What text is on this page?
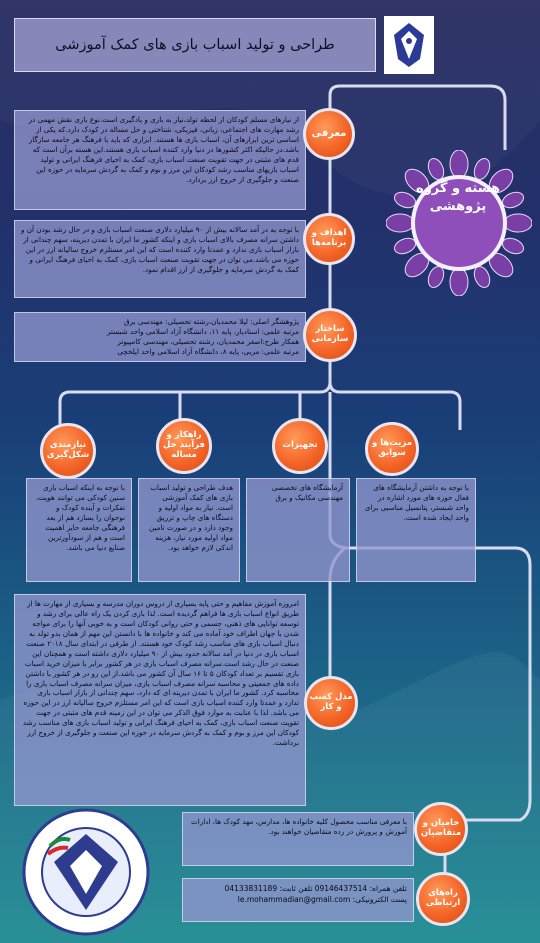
طراحی و تولید اسباب بازی های کمک آموزشی
هسته و گروه
پژوهشی
از نیازهای مسلم کودکان از لحظه تولد،نیاز به بازی و یادگیری است.نوع بازی نقش مهمی در رشد مهارت های اجتماعی، زبانی، فیزیکی، شناختی و حل مساله در کودک دارد.که یکی از اساسی ترین ابزارهای آن، اسباب بازی ها هستند. ابزاری که باید با فرهنگ هر جامعه سازگار باشد.در حالیکه اکثر کشورها در دنیا وارد کننده اسباب بازی هستند.این هسته برآن است که قدم های مثبتی در جهت تقویت صنعت اسباب بازی، کمک به احیای فرهنگ ایرانی و تولید اسباب بازیهای مناسب رشد کودکان این مرز و بوم و کمک به گردش سرمایه در حوزه این صنعت و جلوگیری از خروج ارز بردارد.
معرفی
با توجه به در آمد سالانه بیش از ۹۰ میلیارد دلاری صنعت اسباب بازی و در حال رشد بودن آن و داشتن سرانه مصرف بالای اسباب بازی و اینکه کشور ما ایران با تمدن دیرینه، سهم چندانی از بازار اسباب بازی ندارد و عمدتا وارد کننده است که این امر مستلزم خروج سالیانه ارز در این حوزه می باشد.می توان در جهت تقویت صنعت اسباب بازی، کمک به احیای فرهنگ ایرانی و کمک به گردش سرمایه و جلوگیری از ارز اقدام نمود.
اهداف و برنامه‌ها
پژوهشگر اصلی: لیلا محمدیان،رشته تحصیلی: مهندسی برق
مرتبه علمی: استادیار، پایه ۱۱، دانشگاه آزاد اسلامی واحد شبستر
همکار طرح:اصغر محمدیان، رشته تحصیلی، مهندسی کامپیوتر
مرتبه علمی: مربی، پایه ۸، دانشگاه آزاد اسلامی واحد ایلخچی
ساختار سازمانی
مزیت‌ها و سوابق
با توجه به داشتن آزمایشگاه های فعال حوزه های مورد اشاره در واحد شبستر، پتانسیل مناسبی برای واحد ایجاد شده است.
تجهیزات
آزمایشگاه های تخصصی مهندسی مکانیک و برق
راهکار و فرآیند حل مساله
هدف طراحی و تولید اسباب بازی های کمک آموزشی است. نیاز به مواد اولیه و دستگاه های چاپ و تزریق وجود دارد و در صورت تامین مواد اولیه مورد نیاز، هزینه اندکی لازم خواهد بود.
نیازمندی شکل‌گیری
با توجه به اینکه اسباب بازی سنین کودکی می توانند هویت، تفکرات و آینده کودک و نوجوان را بسازد هم از بعد فرهنگی جامعه حایز اهمیت است و هم از سودآورترین صنایع دنیا می باشد.
امروزه آموزش مفاهیم و حتی پایه بسیاری از دروس دوران مدرسه و بسیاری از مهارت ها از طریق انواع اسباب بازی ها فراهم گردیده است. لذا بازی کردن یک راه عالی برای رشد و توسعه توانایی های ذهنی، جسمی و حتی روانی کودکان است و به خوبی آنها را برای مواجه شدن با جهان اطراف خود آماده می کند و خانواده ها با دانستن این مهم از همان بدو تولد به دنبال اسباب بازی های مناسب رشد کودک خود هستند. از طرفی در ابتدای سال ۲۰۱۸ صنعت اسباب بازی در دنیا در آمد سالانه حدود بیش از ۹۰ میلیارد دلاری داشته است و همچنان این صنعت در حال رشد است.سرانه مصرف اسباب بازی در هر کشور برابر با میزان خرید اسباب بازی تقسیم بر تعداد کودکان ۵ تا ۱۶ سال آن کشور می باشد.از این رو در هر کشور با داشتن داده های جمعیتی و محاسبه سرانه مصرف اسباب بازی، میزان سرانه مصرف اسباب بازی را محاسبه کرد. کشور ما ایران با تمدن دیرینه ای که دارد، سهم چندانی از بازار اسباب بازی ندارد و عمدتا وارد کننده اسباب بازی است که این امر مستلزم خروج سالیانه ارز در این حوزه می باشد. لذا با عنایت به موارد فوق الذکر می توان در این زمینه قدم های مثبتی در جهت تقویت صنعت اسباب بازی، کمک به احیای فرهنگ ایرانی و تولید اسباب بازی های مناسب رشد کودکان این مرز و بوم و کمک به گردش سرمایه در حوزه این صنعت و جلوگیری از خروج ارز برداشت.
مدل کسب و کار
با معرفی مناسب محصول کلیه خانواده ها، مدارس، مهد کودک ها، ادارات آموزش و پرورش در رده متقاضیان خواهند بود.
حامیان و متقاضیان
تلفن همراه: 09146437514 تلفن ثابت: 04133831189
پست الکترونیکی: le.mohammadian@gmail.com
راه‌های ارتباطی
